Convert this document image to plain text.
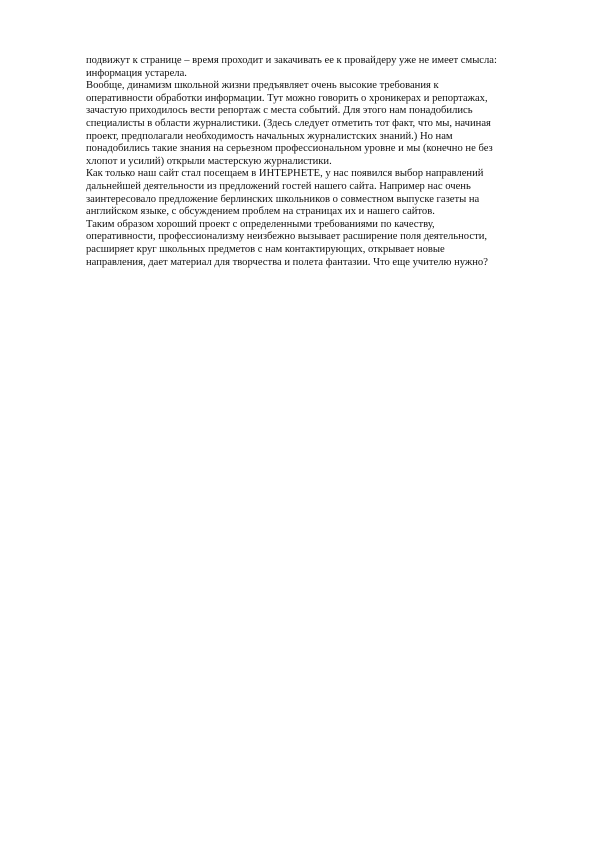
подвижут к странице – время проходит и закачивать ее к провайдеру уже не имеет смысла:
информация устарела.

Вообще, динамизм школьной жизни предъявляет очень высокие требования к
оперативности обработки информации. Тут можно говорить о хроникерах и репортажах,
зачастую приходилось вести репортаж с места событий. Для этого нам понадобились
специалисты в области журналистики. (Здесь следует отметить тот факт, что мы, начиная
проект, предполагали необходимость начальных журналистских знаний.) Но нам
понадобились такие знания на серьезном профессиональном уровне и мы (конечно не без
хлопот и усилий) открыли мастерскую журналистики.

Как только наш сайт стал посещаем в ИНТЕРНЕТЕ, у нас появился выбор направлений
дальнейшей деятельности из предложений гостей нашего сайта. Например нас очень
заинтересовало предложение берлинских школьников о совместном выпуске газеты на
английском языке, с обсуждением проблем на страницах их и нашего сайтов.

Таким образом хороший проект с определенными требованиями по качеству,
оперативности, профессионализму неизбежно вызывает расширение поля деятельности,
расширяет круг школьных предметов с нам контактирующих, открывает новые
направления, дает материал для творчества и полета фантазии. Что еще учителю нужно?
